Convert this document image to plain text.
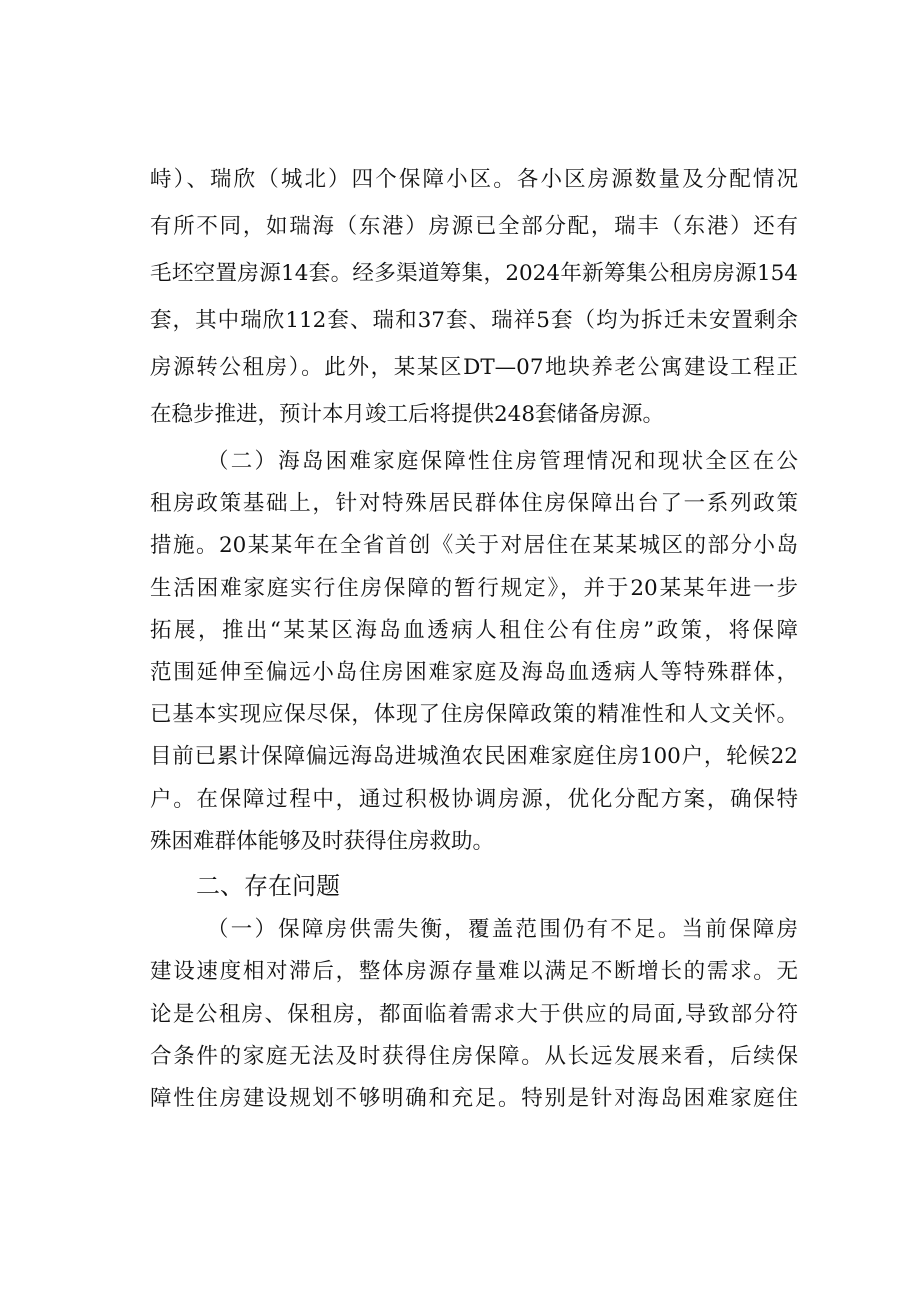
峙）、瑞欣（城北）四个保障小区。各小区房源数量及分配情况
有所不同，如瑞海（东港）房源已全部分配，瑞丰（东港）还有
毛坯空置房源14套。经多渠道筹集，2024年新筹集公租房房源154
套，其中瑞欣112套、瑞和37套、瑞祥5套（均为拆迁未安置剩余
房源转公租房）。此外，某某区DT—07地块养老公寓建设工程正
在稳步推进，预计本月竣工后将提供248套储备房源。
（二）海岛困难家庭保障性住房管理情况和现状全区在公
租房政策基础上，针对特殊居民群体住房保障出台了一系列政策
措施。20某某年在全省首创《关于对居住在某某城区的部分小岛
生活困难家庭实行住房保障的暂行规定》，并于20某某年进一步
拓展，推出“某某区海岛血透病人租住公有住房”政策，将保障
范围延伸至偏远小岛住房困难家庭及海岛血透病人等特殊群体，
已基本实现应保尽保，体现了住房保障政策的精准性和人文关怀。
目前已累计保障偏远海岛进城渔农民困难家庭住房100户，轮候22
户。在保障过程中，通过积极协调房源，优化分配方案，确保特
二、存在问题
（一）保障房供需失衡，覆盖范围仍有不足。当前保障房
建设速度相对滞后，整体房源存量难以满足不断增长的需求。无
论是公租房、保租房，都面临着需求大于供应的局面,导致部分符
合条件的家庭无法及时获得住房保障。从长远发展来看，后续保
障性住房建设规划不够明确和充足。特别是针对海岛困难家庭住
殊困难群体能够及时获得住房救助。
